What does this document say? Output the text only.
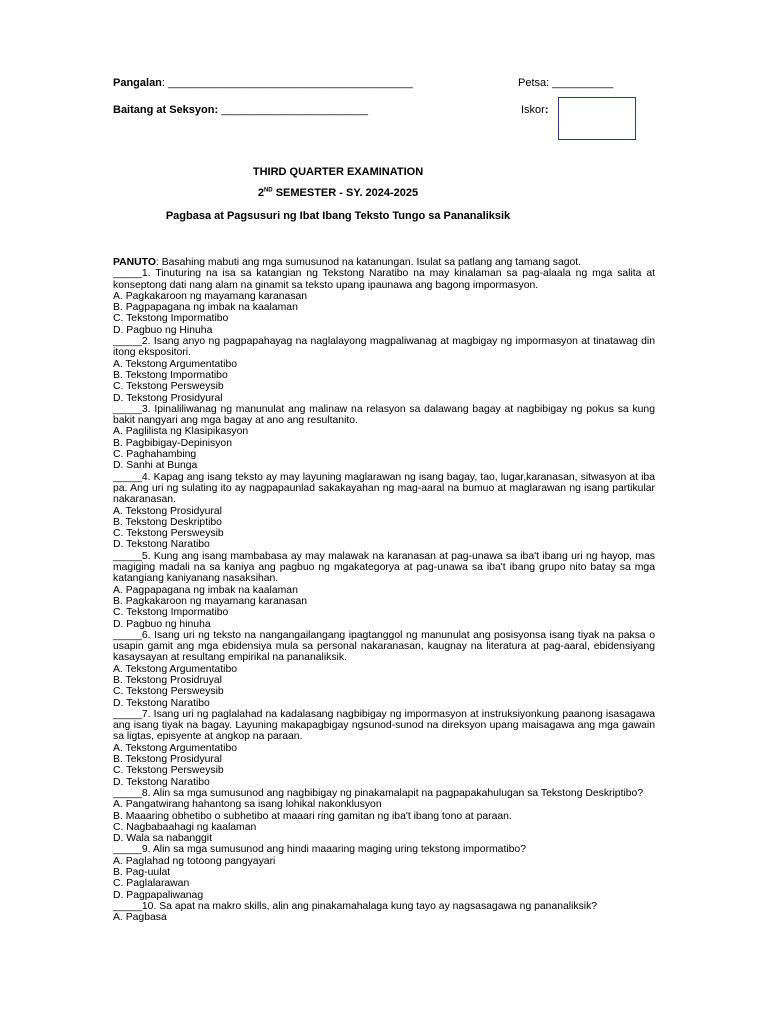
Pangalan: ________________________________________	Petsa: __________
Baitang at Seksyon: ________________________	Iskor:
THIRD QUARTER EXAMINATION
2ND SEMESTER - SY. 2024-2025
Pagbasa at Pagsusuri ng Ibat Ibang Teksto Tungo sa Pananaliksik

PANUTO: Basahing mabuti ang mga sumusunod na katanungan. Isulat sa patlang ang tamang sagot.

_____1. Tinuturing na isa sa katangian ng Tekstong Naratibo na may kinalaman sa pag-alaala ng mga salita at konseptong dati nang alam na ginamit sa teksto upang ipaunawa ang bagong impormasyon.

A. Pagkakaroon ng mayamang karanasan

B. Pagpapagana ng imbak na kaalaman

C. Tekstong Impormatibo

D. Pagbuo ng Hinuha

_____2. Isang anyo ng pagpapahayag na naglalayong magpaliwanag at magbigay ng impormasyon at tinatawag din itong ekspositori.

A. Tekstong Argumentatibo

B. Tekstong Impormatibo

C. Tekstong Persweysib

D. Tekstong Prosidyural

_____3. Ipinaliliwanag ng manunulat ang malinaw na relasyon sa dalawang bagay at nagbibigay ng pokus sa kung bakit nangyari ang mga bagay at ano ang resultanito.

A. Paglilista ng Klasipikasyon

B. Pagbibigay-Depinisyon

C. Paghahambing

D. Sanhi at Bunga

_____4. Kapag ang isang teksto ay may layuning maglarawan ng isang bagay, tao, lugar,karanasan, sitwasyon at iba pa. Ang uri ng sulating ito ay nagpapaunlad sakakayahan ng mag-aaral na bumuo at maglarawan ng isang partikular nakaranasan.

A. Tekstong Prosidyural

B. Tekstong Deskriptibo

C. Tekstong Persweysib

D. Tekstong Naratibo

_____5. Kung ang isang mambabasa ay may malawak na karanasan at pag-unawa sa iba't ibang uri ng hayop, mas magiging madali na sa kaniya ang pagbuo ng mgakategorya at pag-unawa sa iba't ibang grupo nito batay sa mga katangiang kaniyanang nasaksihan.

A. Pagpapagana ng imbak na kaalaman

B. Pagkakaroon ng mayamang karanasan

C. Tekstong Impormatibo

D. Pagbuo ng hinuha

_____6. Isang uri ng teksto na nangangailangang ipagtanggol ng manunulat ang posisyonsa isang tiyak na paksa o usapin gamit ang mga ebidensiya mula sa personal nakaranasan, kaugnay na literatura at pag-aaral, ebidensiyang kasaysayan at resultang empirikal na pananaliksik.

A. Tekstong Argumentatibo

B. Tekstong Prosidruyal

C. Tekstong Persweysib

D. Tekstong Naratibo

_____7. Isang uri ng paglalahad na kadalasang nagbibigay ng impormasyon at instruksiyonkung paanong isasagawa ang isang tiyak na bagay. Layuning makapagbigay ngsunod-sunod na direksyon upang maisagawa ang mga gawain sa ligtas, episyente at angkop na paraan.

A. Tekstong Argumentatibo

B. Tekstong Prosidyural

C. Tekstong Persweysib

D. Tekstong Naratibo

_____8. Alin sa mga sumusunod ang nagbibigay ng pinakamalapit na pagpapakahulugan sa Tekstong Deskriptibo?

A. Pangatwirang hahantong sa isang lohikal nakonklusyon

B. Maaaring obhetibo o subhetibo at maaari ring gamitan ng iba't ibang tono at paraan.

C. Nagbabaahagi ng kaalaman

D. Wala sa nabanggit

_____9. Alin sa mga sumusunod ang hindi maaaring maging uring tekstong impormatibo?

A. Paglahad ng totoong pangyayari

B. Pag-uulat

C. Paglalarawan

D. Pagpapaliwanag

_____10. Sa apat na makro skills, alin ang pinakamahalaga kung tayo ay nagsasagawa ng pananaliksik?

A. Pagbasa
